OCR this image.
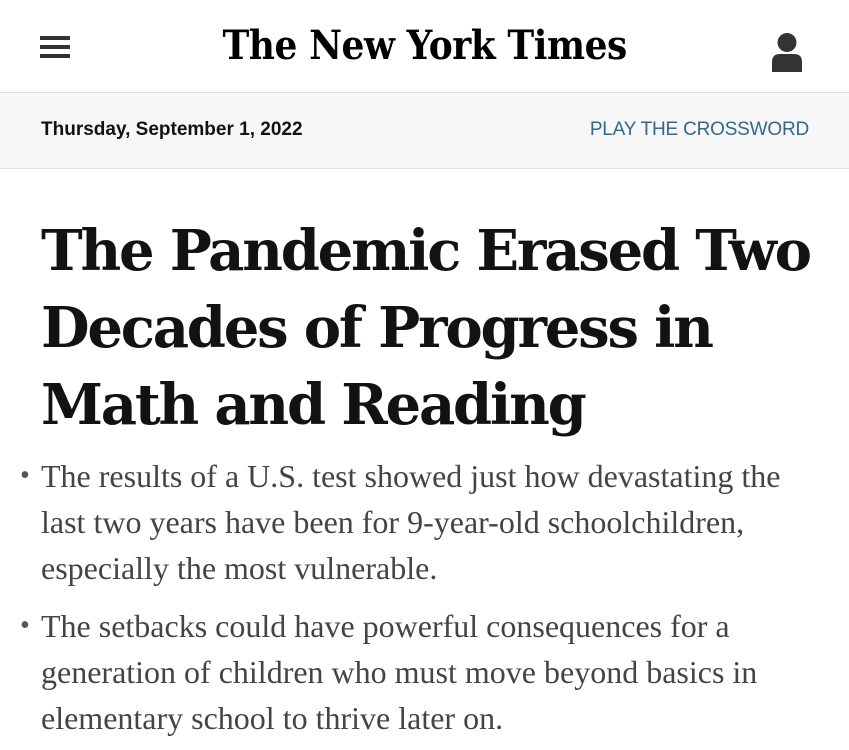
The New York Times
Thursday, September 1, 2022	PLAY THE CROSSWORD
The Pandemic Erased Two Decades of Progress in Math and Reading
• The results of a U.S. test showed just how devastating the last two years have been for 9-year-old schoolchildren, especially the most vulnerable.
• The setbacks could have powerful consequences for a generation of children who must move beyond basics in elementary school to thrive later on.
